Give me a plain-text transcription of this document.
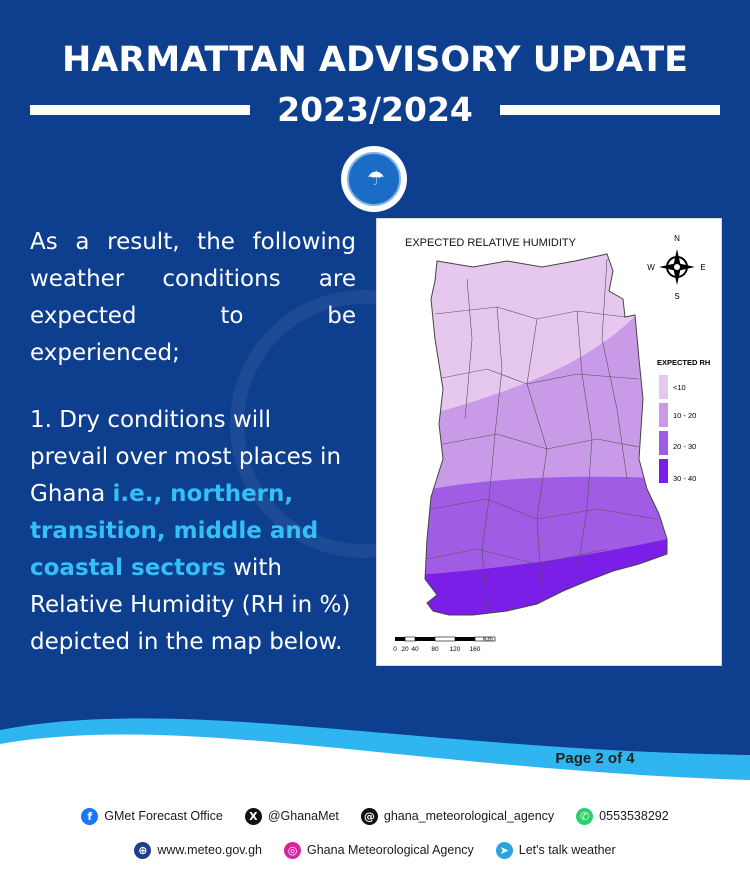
HARMATTAN ADVISORY UPDATE
2023/2024
☂

As a result, the following weather conditions are expected to be experienced;

1. Dry conditions will prevail over most places in Ghana i.e., northern, transition, middle and coastal sectors with Relative Humidity (RH in %) depicted in the map below.

EXPECTED RELATIVE HUMIDITY	N
S
E
W
EXPECTED RH
<10
10 - 20
20 - 30
30 - 40
Km
0 20 40 80 120 160
Page 2 of 4
f GMet Forecast Office	X @GhanaMet @ ghana_meteorological_agency	✆ 0553538292
⊕ www.meteo.gov.gh	◎ Ghana Meteorological Agency	➤ Let's talk weather
